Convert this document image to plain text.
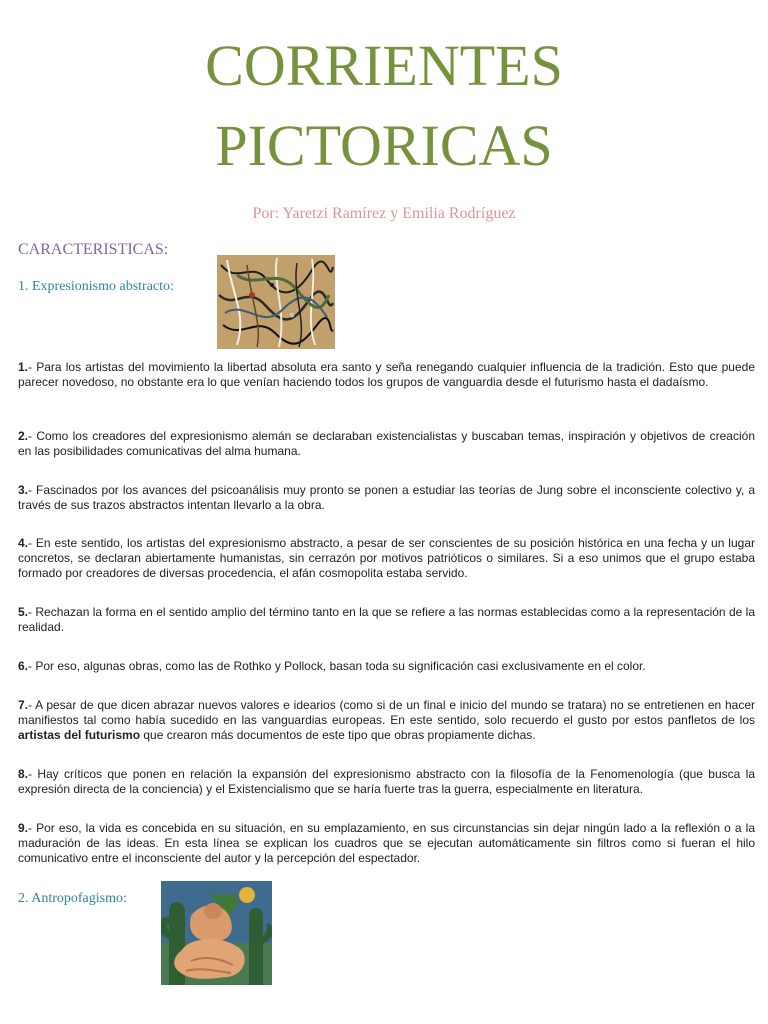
CORRIENTES
PICTORICAS
Por: Yaretzi Ramírez y Emilia Rodríguez
CARACTERISTICAS:
1. Expresionismo abstracto:

1.- Para los artistas del movimiento la libertad absoluta era santo y seña renegando cualquier influencia de la tradición. Esto que puede parecer novedoso, no obstante era lo que venían haciendo todos los grupos de vanguardia desde el futurismo hasta el dadaísmo.

2.- Como los creadores del expresionismo alemán se declaraban existencialistas y buscaban temas, inspiración y objetivos de creación en las posibilidades comunicativas del alma humana.

3.- Fascinados por los avances del psicoanálisis muy pronto se ponen a estudiar las teorías de Jung sobre el inconsciente colectivo y, a través de sus trazos abstractos intentan llevarlo a la obra.

4.- En este sentido, los artistas del expresionismo abstracto, a pesar de ser conscientes de su posición histórica en una fecha y un lugar concretos, se declaran abiertamente humanistas, sin cerrazón por motivos patrióticos o similares. Si a eso unimos que el grupo estaba formado por creadores de diversas procedencia, el afán cosmopolita estaba servido.

5.- Rechazan la forma en el sentido amplio del término tanto en la que se refiere a las normas establecidas como a la representación de la realidad.

6.- Por eso, algunas obras, como las de Rothko y Pollock, basan toda su significación casi exclusivamente en el color.

7.- A pesar de que dicen abrazar nuevos valores e idearios (como si de un final e inicio del mundo se tratara) no se entretienen en hacer manifiestos tal como había sucedido en las vanguardias europeas. En este sentido, solo recuerdo el gusto por estos panfletos de los artistas del futurismo que crearon más documentos de este tipo que obras propiamente dichas.

8.- Hay críticos que ponen en relación la expansión del expresionismo abstracto con la filosofía de la Fenomenología (que busca la expresión directa de la conciencia) y el Existencialismo que se haría fuerte tras la guerra, especialmente en literatura.

9.- Por eso, la vida es concebida en su situación, en su emplazamiento, en sus circunstancias sin dejar ningún lado a la reflexión o a la maduración de las ideas. En esta línea se explican los cuadros que se ejecutan automáticamente sin filtros como si fueran el hilo comunicativo entre el inconsciente del autor y la percepción del espectador.

2. Antropofagismo:
